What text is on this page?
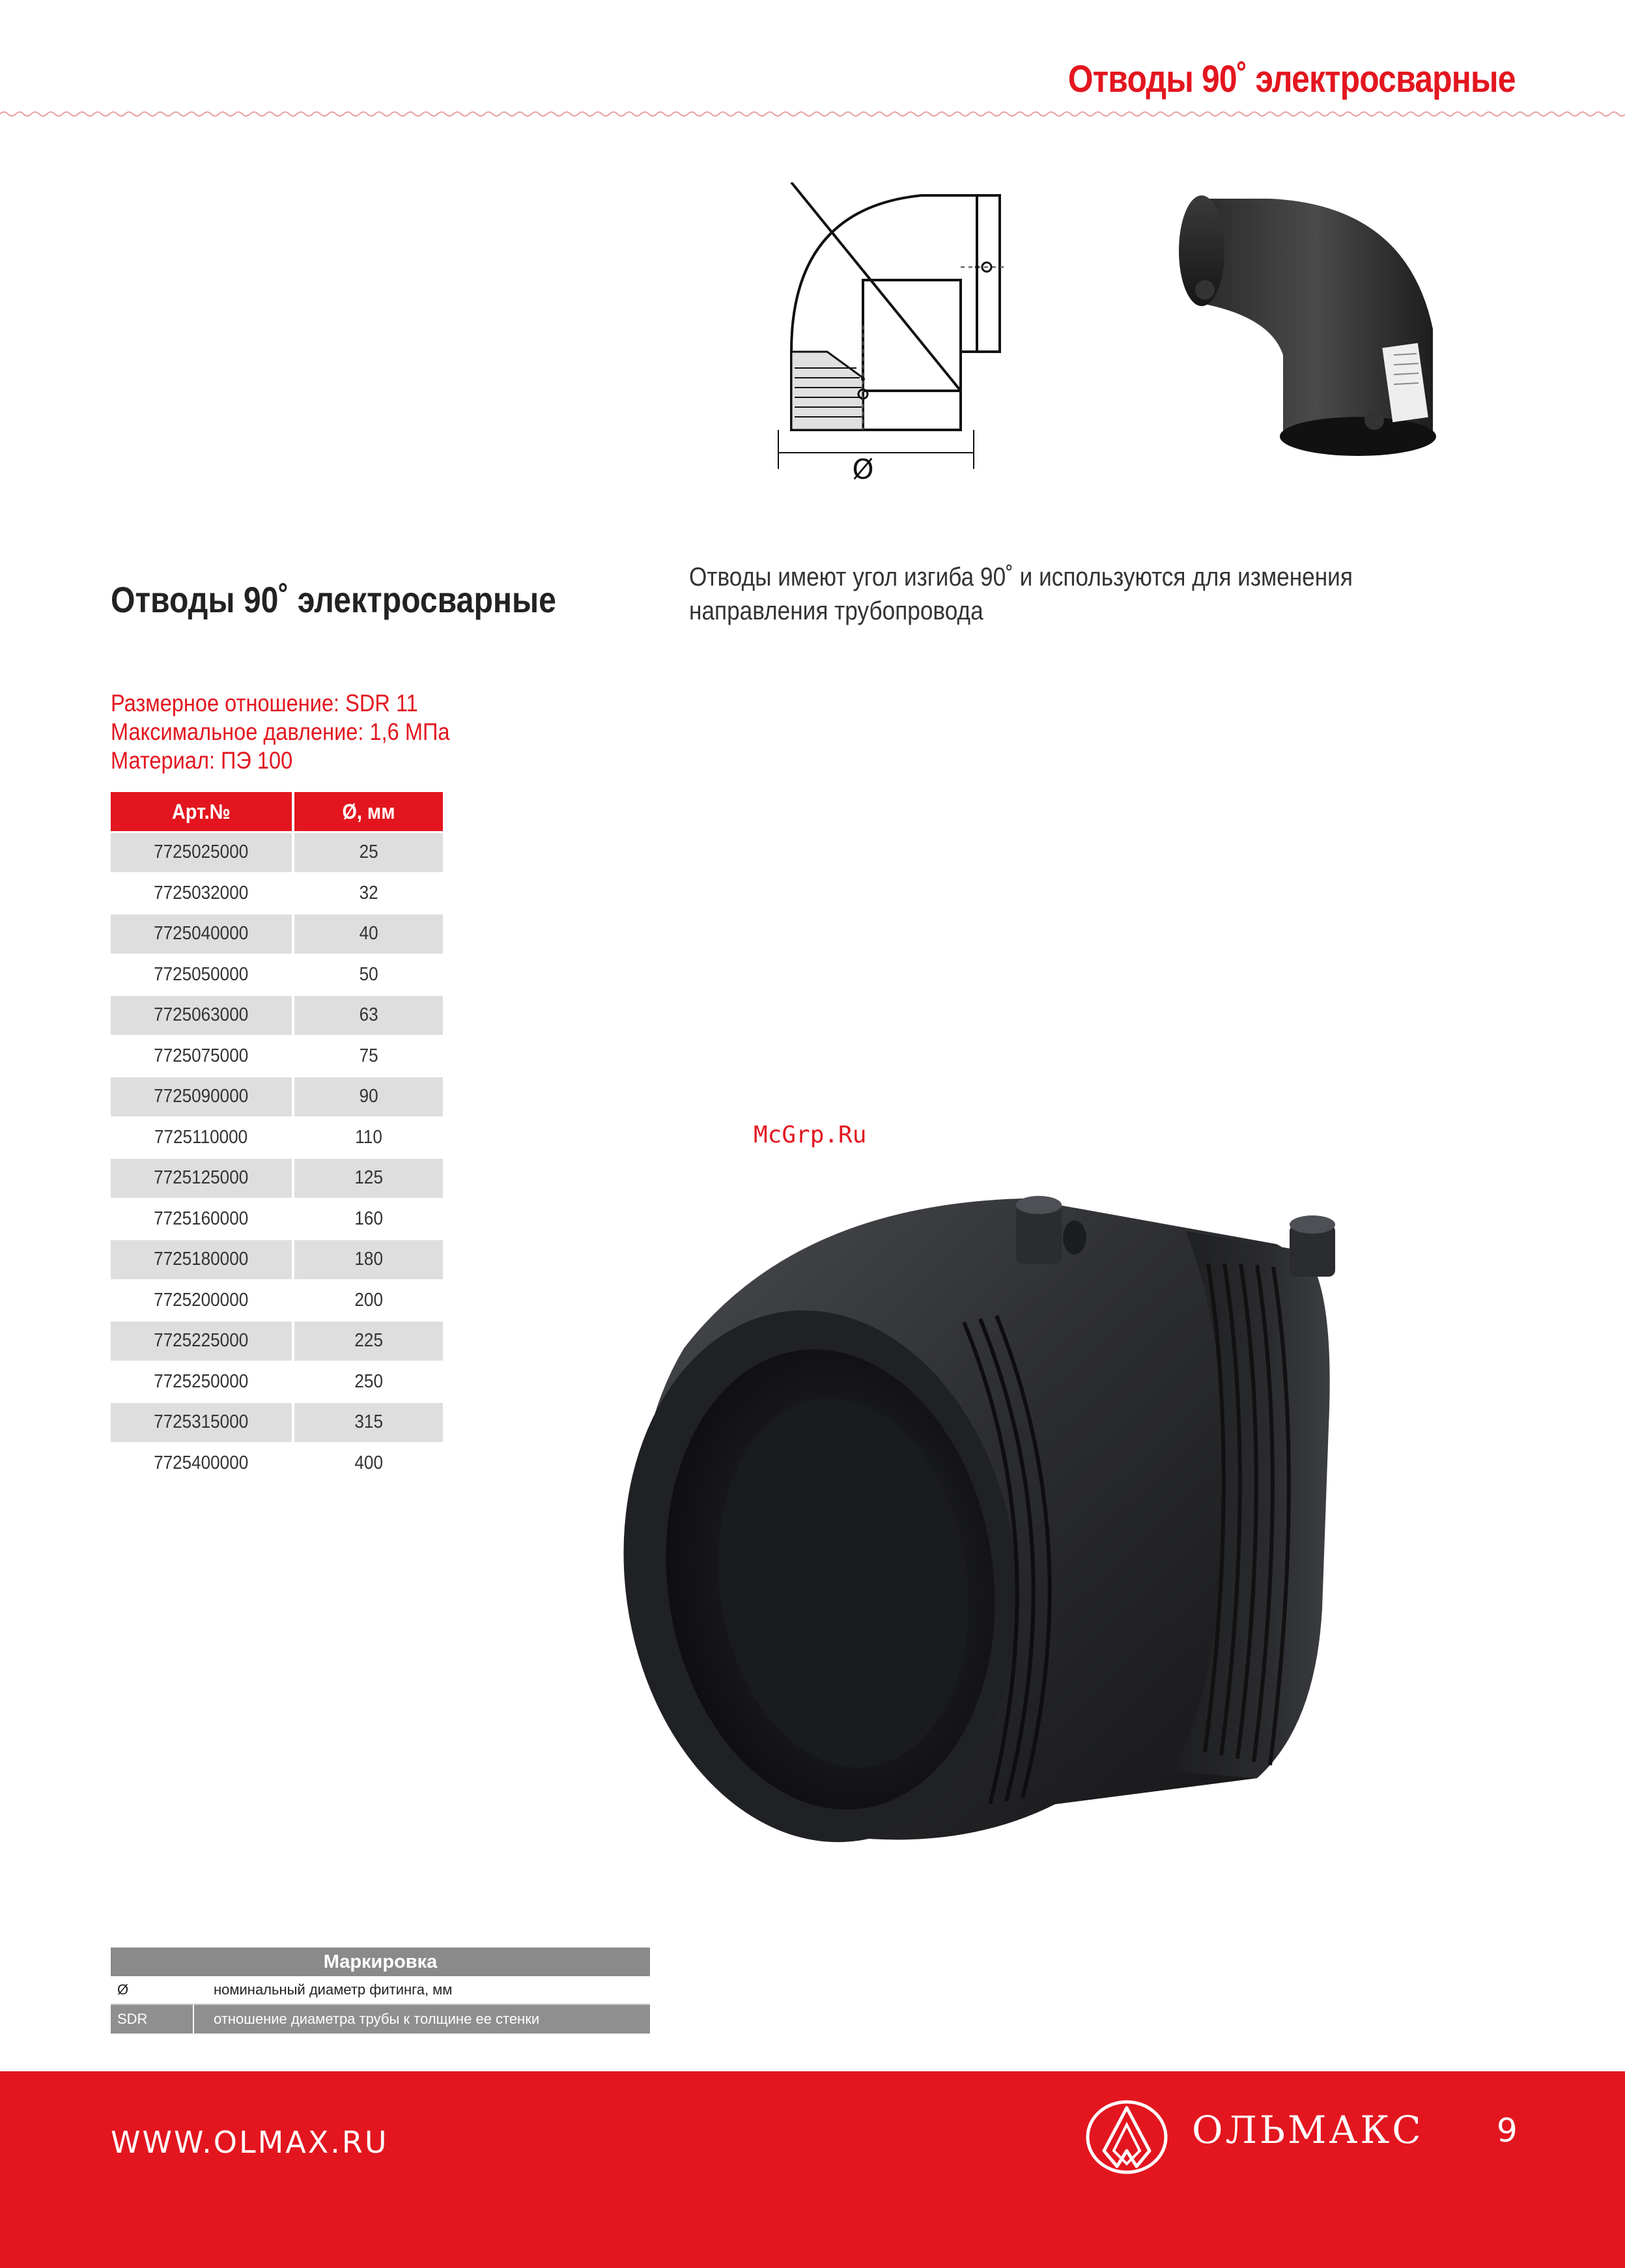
Отводы 90˚ электросварные
Ø
Отводы 90˚ электросварные
Отводы имеют угол изгиба 90˚ и используются для изменения направления трубопровода
Размерное отношение: SDR 11
Максимальное давление: 1,6 МПа
Материал: ПЭ 100
Арт.№	Ø, мм
7725025000	25
7725032000	32
7725040000	40
7725050000	50
7725063000	63
7725075000	75
7725090000	90
7725110000	110
7725125000	125
7725160000	160
7725180000	180
7725200000	200
7725225000	225
7725250000	250
7725315000	315
7725400000	400
McGrp.Ru
Маркировка
Ø	номинальный диаметр фитинга, мм
SDR	отношение диаметра трубы к толщине ее стенки
WWW.OLMAX.RU	ОЛЬМАКС 9
